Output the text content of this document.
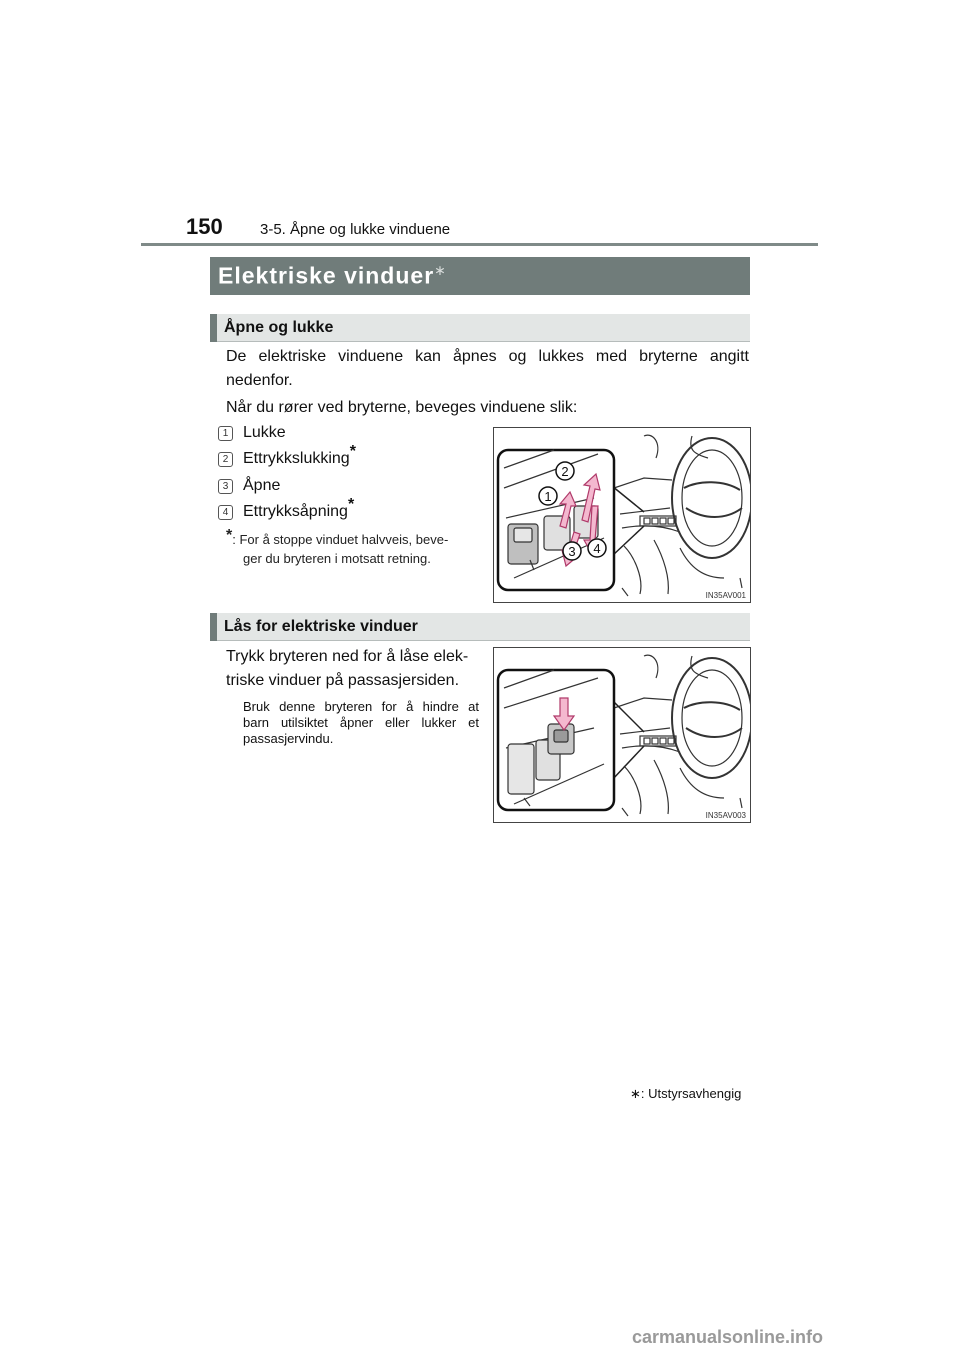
150 3-5. Åpne og lukke vinduene
Elektriske vinduer∗
Åpne og lukke
De elektriske vinduene kan åpnes og lukkes med bryterne angitt
nedenfor.
Når du rører ved bryterne, beveges vinduene slik:
1 Lukke
2 Ettrykkslukking*
3 Åpne
4 Ettrykksåpning*
*: For å stoppe vinduet halvveis, beve-
ger du bryteren i motsatt retning.
1
2
3 4
IN35AV001
Lås for elektriske vinduer
Trykk bryteren ned for å låse elek-
triske vinduer på passasjersiden.
Bruk denne bryteren for å hindre at
barn utilsiktet åpner eller lukker et
passasjervindu.
IN35AV003
∗: Utstyrsavhengig
carmanualsonline.info
